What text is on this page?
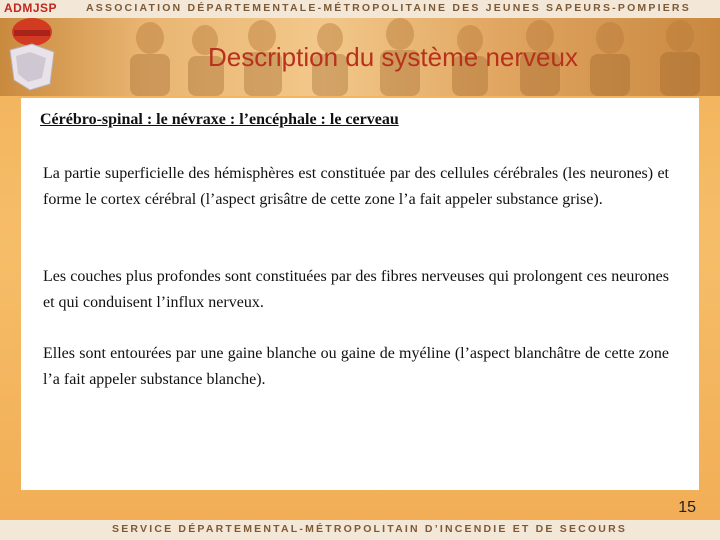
ADMJSP	ASSOCIATION DÉPARTEMENTALE-MÉTROPOLITAINE DES JEUNES SAPEURS-POMPIERS
Description du système nerveux
Cérébro-spinal : le névraxe : l’encéphale : le cerveau

La partie superficielle des hémisphères est constituée par des cellules cérébrales (les neurones) et forme le cortex cérébral (l’aspect grisâtre de cette zone l’a fait appeler substance grise).

Les couches plus profondes sont constituées par des fibres nerveuses qui prolongent ces neurones et qui conduisent l’influx nerveux.

Elles sont entourées par une gaine blanche ou gaine de myéline (l’aspect blanchâtre de cette zone l’a fait appeler substance blanche).

15
SERVICE DÉPARTEMENTAL-MÉTROPOLITAIN D’INCENDIE ET DE SECOURS
